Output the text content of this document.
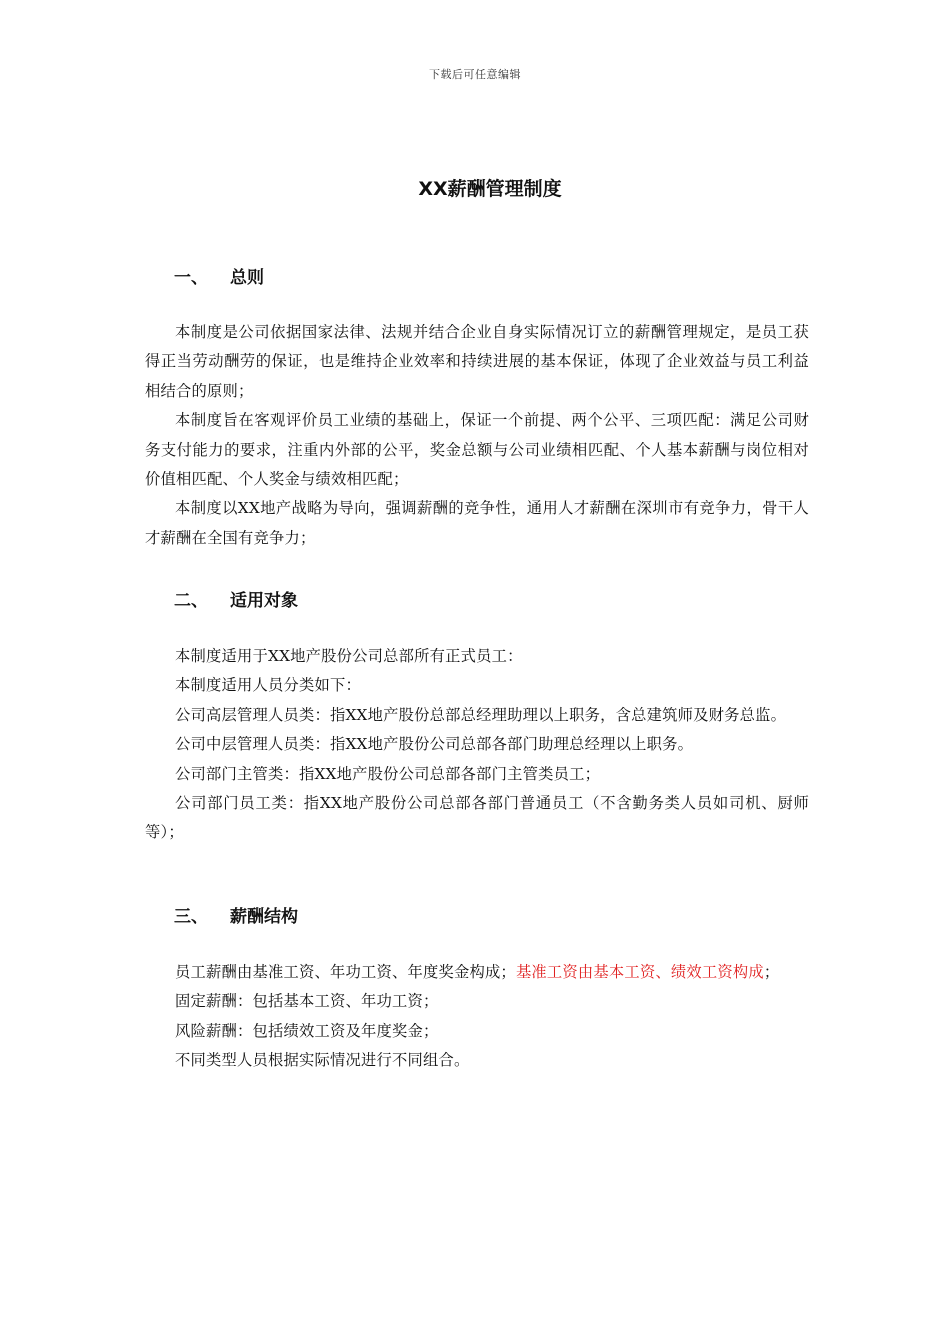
下载后可任意编辑
XX薪酬管理制度
一、 总则

本制度是公司依据国家法律、法规并结合企业自身实际情况订立的薪酬管理规定，是员工获得正当劳动酬劳的保证，也是维持企业效率和持续进展的基本保证，体现了企业效益与员工利益相结合的原则；

本制度旨在客观评价员工业绩的基础上，保证一个前提、两个公平、三项匹配：满足公司财务支付能力的要求，注重内外部的公平，奖金总额与公司业绩相匹配、个人基本薪酬与岗位相对价值相匹配、个人奖金与绩效相匹配；

本制度以XX地产战略为导向，强调薪酬的竞争性，通用人才薪酬在深圳市有竞争力，骨干人才薪酬在全国有竞争力；

二、 适用对象

本制度适用于XX地产股份公司总部所有正式员工：

本制度适用人员分类如下：

公司高层管理人员类：指XX地产股份总部总经理助理以上职务，含总建筑师及财务总监。

公司中层管理人员类：指XX地产股份公司总部各部门助理总经理以上职务。

公司部门主管类：指XX地产股份公司总部各部门主管类员工；

公司部门员工类：指XX地产股份公司总部各部门普通员工（不含勤务类人员如司机、厨师等）；

三、 薪酬结构

员工薪酬由基准工资、年功工资、年度奖金构成；基准工资由基本工资、绩效工资构成；

固定薪酬：包括基本工资、年功工资；

风险薪酬：包括绩效工资及年度奖金；

不同类型人员根据实际情况进行不同组合。
